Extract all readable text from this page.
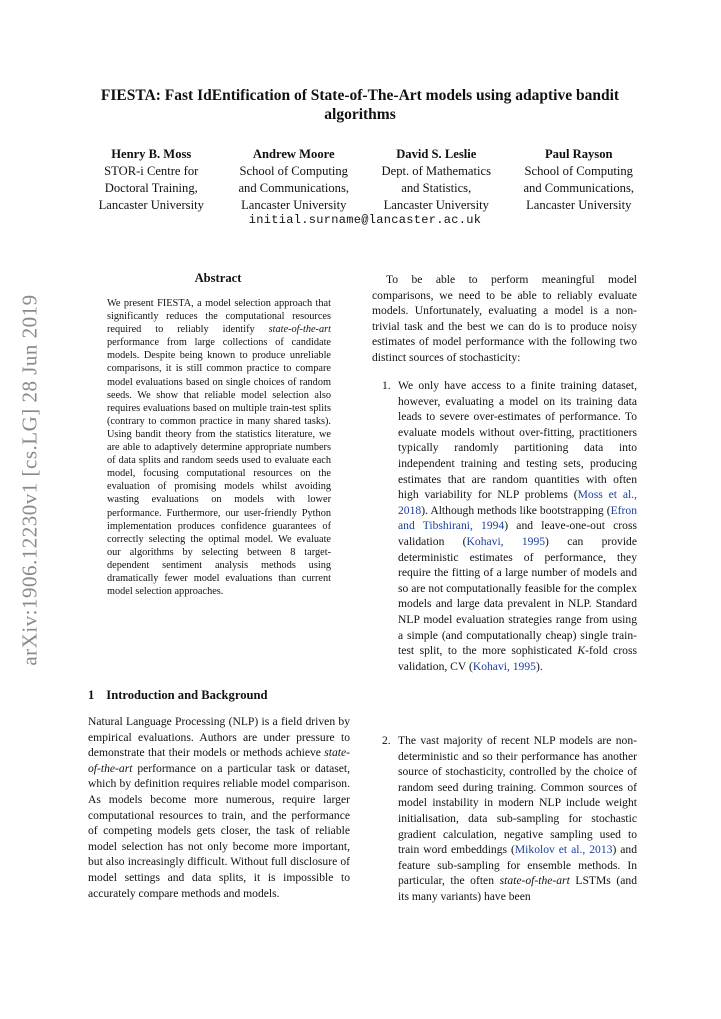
arXiv:1906.12230v1 [cs.LG] 28 Jun 2019
FIESTA: Fast IdEntification of State-of-The-Art models using adaptive bandit algorithms
Henry B. Moss
STOR-i Centre for
Doctoral Training,
Lancaster University
Andrew Moore
School of Computing
and Communications,
Lancaster University
David S. Leslie
Dept. of Mathematics
and Statistics,
Lancaster University
Paul Rayson
School of Computing
and Communications,
Lancaster University
initial.surname@lancaster.ac.uk
Abstract
We present FIESTA, a model selection approach that significantly reduces the computational resources required to reliably identify state-of-the-art performance from large collections of candidate models. Despite being known to produce unreliable comparisons, it is still common practice to compare model evaluations based on single choices of random seeds. We show that reliable model selection also requires evaluations based on multiple train-test splits (contrary to common practice in many shared tasks). Using bandit theory from the statistics literature, we are able to adaptively determine appropriate numbers of data splits and random seeds used to evaluate each model, focusing computational resources on the evaluation of promising models whilst avoiding wasting evaluations on models with lower performance. Furthermore, our user-friendly Python implementation produces confidence guarantees of correctly selecting the optimal model. We evaluate our algorithms by selecting between 8 target-dependent sentiment analysis methods using dramatically fewer model evaluations than current model selection approaches.
1 Introduction and Background
Natural Language Processing (NLP) is a field driven by empirical evaluations. Authors are under pressure to demonstrate that their models or methods achieve state-of-the-art performance on a particular task or dataset, which by definition requires reliable model comparison. As models become more numerous, require larger computational resources to train, and the performance of competing models gets closer, the task of reliable model selection has not only become more important, but also increasingly difficult. Without full disclosure of model settings and data splits, it is impossible to accurately compare methods and models.
To be able to perform meaningful model comparisons, we need to be able to reliably evaluate models. Unfortunately, evaluating a model is a non-trivial task and the best we can do is to produce noisy estimates of model performance with the following two distinct sources of stochasticity:
1. We only have access to a finite training dataset, however, evaluating a model on its training data leads to severe over-estimates of performance. To evaluate models without over-fitting, practitioners typically randomly partitioning data into independent training and testing sets, producing estimates that are random quantities with often high variability for NLP problems (Moss et al., 2018). Although methods like bootstrapping (Efron and Tibshirani, 1994) and leave-one-out cross validation (Kohavi, 1995) can provide deterministic estimates of performance, they require the fitting of a large number of models and so are not computationally feasible for the complex models and large data prevalent in NLP. Standard NLP model evaluation strategies range from using a simple (and computationally cheap) single train-test split, to the more sophisticated K-fold cross validation, CV (Kohavi, 1995).
2. The vast majority of recent NLP models are non-deterministic and so their performance has another source of stochasticity, controlled by the choice of random seed during training. Common sources of model instability in modern NLP include weight initialisation, data sub-sampling for stochastic gradient calculation, negative sampling used to train word embeddings (Mikolov et al., 2013) and feature sub-sampling for ensemble methods. In particular, the often state-of-the-art LSTMs (and its many variants) have been
